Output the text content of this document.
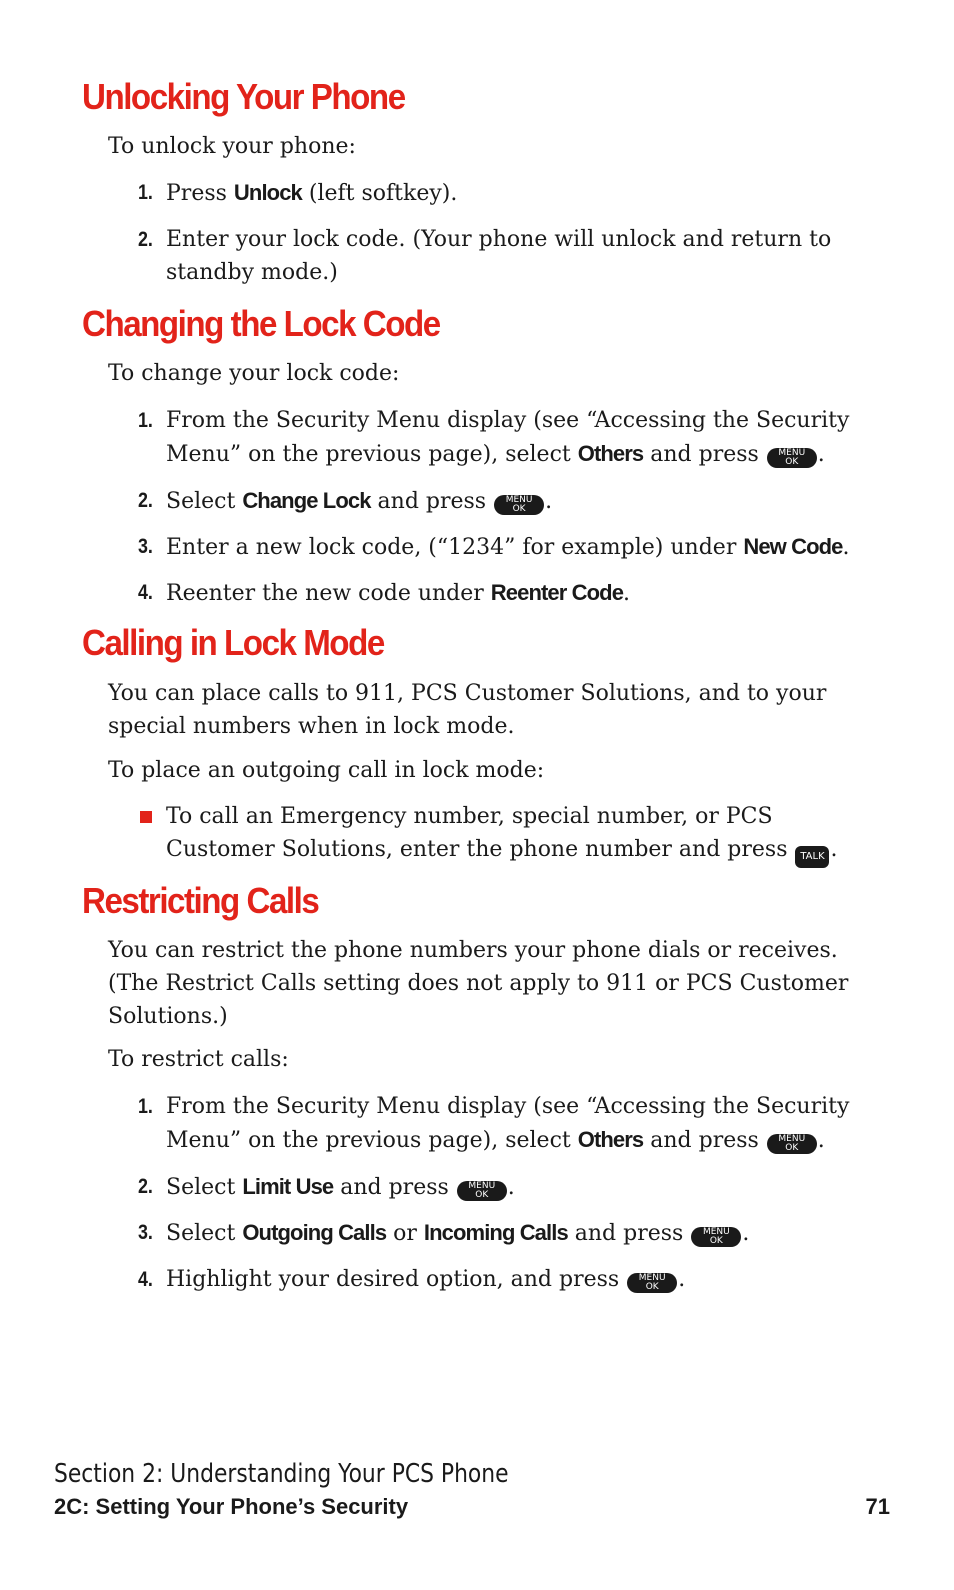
Unlocking Your Phone

To unlock your phone:

1. Press Unlock (left softkey).

2. Enter your lock code. (Your phone will unlock and return to standby mode.)

Changing the Lock Code

To change your lock code:

1. From the Security Menu display (see “Accessing the Security Menu” on the previous page), select Others and press	MENU
OK .

2. Select Change Lock and press	MENU
OK .

3. Enter a new lock code, (“1234” for example) under New Code.

4. Reenter the new code under Reenter Code.

Calling in Lock Mode

You can place calls to 911, PCS Customer Solutions, and to your special numbers when in lock mode.

To place an outgoing call in lock mode:

To call an Emergency number, special number, or PCS Customer Solutions, enter the phone number and press TALK .

Restricting Calls

You can restrict the phone numbers your phone dials or receives. (The Restrict Calls setting does not apply to 911 or PCS Customer Solutions.)

To restrict calls:

1. From the Security Menu display (see “Accessing the Security Menu” on the previous page), select Others and press	MENU
OK .

2. Select Limit Use and press	MENU
OK .

3. Select Outgoing Calls or Incoming Calls and press	MENU
OK .

4. Highlight your desired option, and press	MENU
OK .

Section 2: Understanding Your PCS Phone

2C: Setting Your Phone’s Security	71
